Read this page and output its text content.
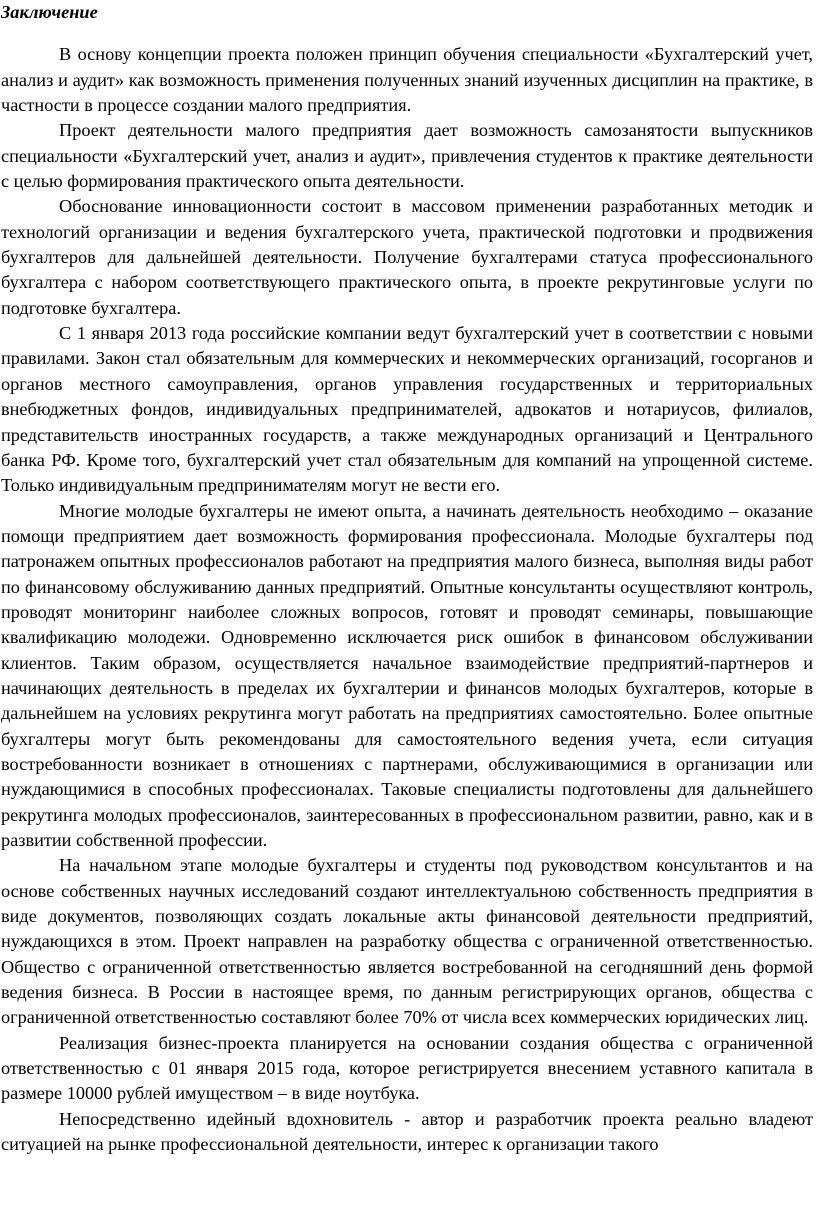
Заключение

В основу концепции проекта положен принцип обучения специальности «Бухгалтерский учет, анализ и аудит» как возможность применения полученных знаний изученных дисциплин на практике, в частности в процессе создании малого предприятия.

Проект деятельности малого предприятия дает возможность самозанятости выпускников специальности «Бухгалтерский учет, анализ и аудит», привлечения студентов к практике деятельности с целью формирования практического опыта деятельности.

Обоснование инновационности состоит в массовом применении разработанных методик и технологий организации и ведения бухгалтерского учета, практической подготовки и продвижения бухгалтеров для дальнейшей деятельности. Получение бухгалтерами статуса профессионального бухгалтера с набором соответствующего практического опыта, в проекте рекрутинговые услуги по подготовке бухгалтера.

С 1 января 2013 года российские компании ведут бухгалтерский учет в соответствии с новыми правилами. Закон стал обязательным для коммерческих и некоммерческих организаций, госорганов и органов местного самоуправления, органов управления государственных и территориальных внебюджетных фондов, индивидуальных предпринимателей, адвокатов и нотариусов, филиалов, представительств иностранных государств, а также международных организаций и Центрального банка РФ. Кроме того, бухгалтерский учет стал обязательным для компаний на упрощенной системе. Только индивидуальным предпринимателям могут не вести его.

Многие молодые бухгалтеры не имеют опыта, а начинать деятельность необходимо – оказание помощи предприятием дает возможность формирования профессионала. Молодые бухгалтеры под патронажем опытных профессионалов работают на предприятия малого бизнеса, выполняя виды работ по финансовому обслуживанию данных предприятий. Опытные консультанты осуществляют контроль, проводят мониторинг наиболее сложных вопросов, готовят и проводят семинары, повышающие квалификацию молодежи. Одновременно исключается риск ошибок в финансовом обслуживании клиентов. Таким образом, осуществляется начальное взаимодействие предприятий-партнеров и начинающих деятельность в пределах их бухгалтерии и финансов молодых бухгалтеров, которые в дальнейшем на условиях рекрутинга могут работать на предприятиях самостоятельно. Более опытные бухгалтеры могут быть рекомендованы для самостоятельного ведения учета, если ситуация востребованности возникает в отношениях с партнерами, обслуживающимися в организации или нуждающимися в способных профессионалах. Таковые специалисты подготовлены для дальнейшего рекрутинга молодых профессионалов, заинтересованных в профессиональном развитии, равно, как и в развитии собственной профессии.

На начальном этапе молодые бухгалтеры и студенты под руководством консультантов и на основе собственных научных исследований создают интеллектуальною собственность предприятия в виде документов, позволяющих создать локальные акты финансовой деятельности предприятий, нуждающихся в этом. Проект направлен на разработку общества с ограниченной ответственностью. Общество с ограниченной ответственностью является востребованной на сегодняшний день формой ведения бизнеса. В России в настоящее время, по данным регистрирующих органов, общества с ограниченной ответственностью составляют более 70% от числа всех коммерческих юридических лиц.

Реализация бизнес-проекта планируется на основании создания общества с ограниченной ответственностью с 01 января 2015 года, которое регистрируется внесением уставного капитала в размере 10000 рублей имуществом – в виде ноутбука.

Непосредственно идейный вдохновитель - автор и разработчик проекта реально владеют ситуацией на рынке профессиональной деятельности, интерес к организации такого
